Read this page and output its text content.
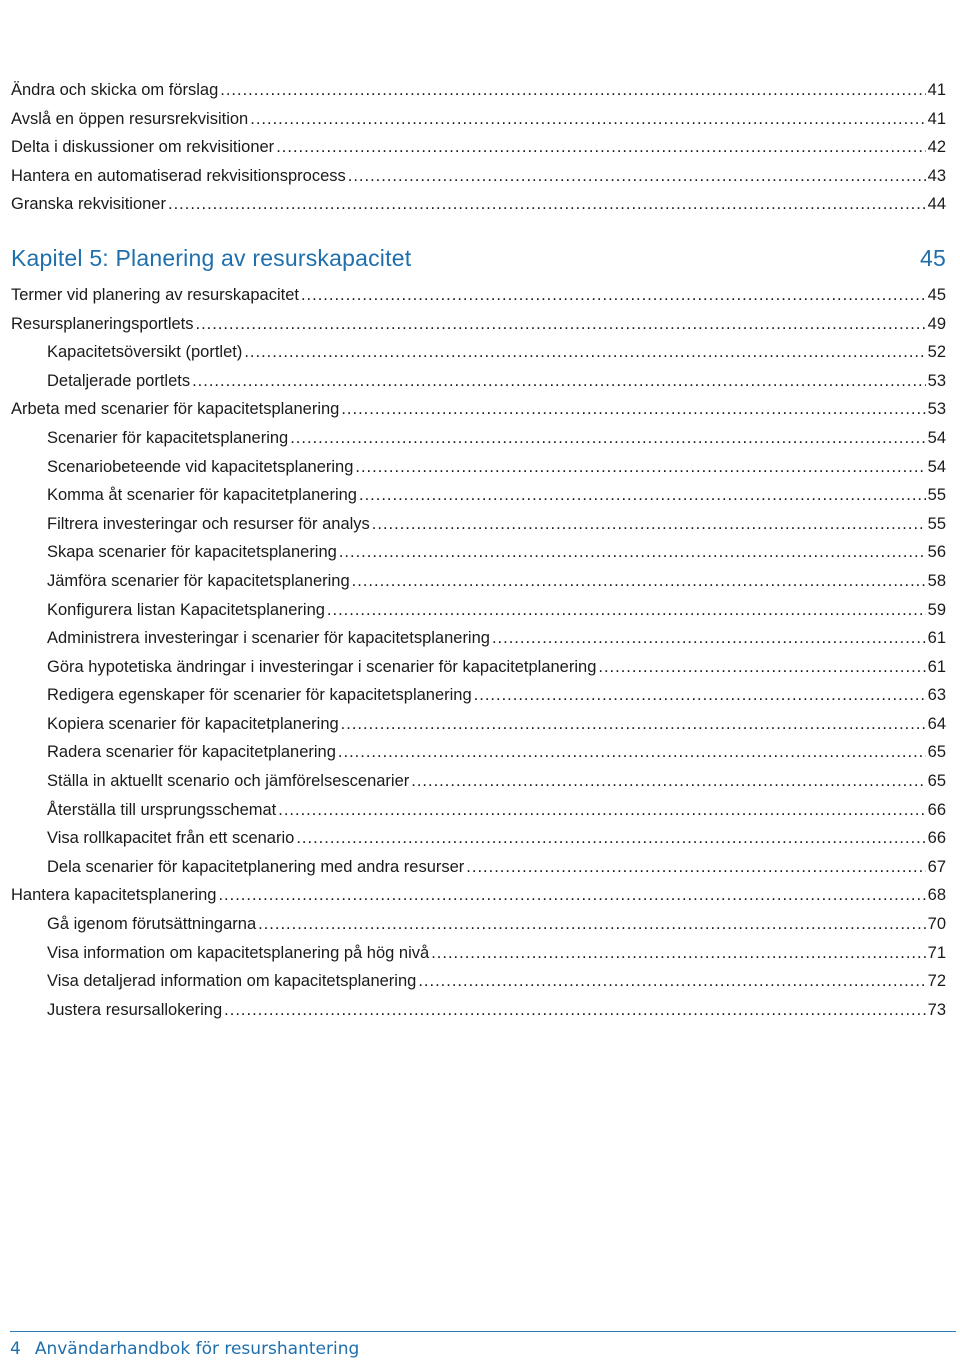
Ändra och skicka om förslag .....	41
Avslå en öppen resursrekvisition .....	41
Delta i diskussioner om rekvisitioner .....	42
Hantera en automatiserad rekvisitionsprocess .....	43
Granska rekvisitioner .....	44
Kapitel 5: Planering av resurskapacitet	45
Termer vid planering av resurskapacitet .....	45
Resursplaneringsportlets .....	49
Kapacitetsöversikt (portlet) .....	52
Detaljerade portlets .....	53
Arbeta med scenarier för kapacitetsplanering .....	53
Scenarier för kapacitetsplanering .....	54
Scenariobeteende vid kapacitetsplanering .....	54
Komma åt scenarier för kapacitetplanering .....	55
Filtrera investeringar och resurser för analys .....	55
Skapa scenarier för kapacitetsplanering .....	56
Jämföra scenarier för kapacitetsplanering .....	58
Konfigurera listan Kapacitetsplanering .....	59
Administrera investeringar i scenarier för kapacitetsplanering .....	61
Göra hypotetiska ändringar i investeringar i scenarier för kapacitetplanering .....	61
Redigera egenskaper för scenarier för kapacitetsplanering .....	63
Kopiera scenarier för kapacitetplanering .....	64
Radera scenarier för kapacitetplanering .....	65
Ställa in aktuellt scenario och jämförelsescenarier .....	65
Återställa till ursprungsschemat .....	66
Visa rollkapacitet från ett scenario .....	66
Dela scenarier för kapacitetplanering med andra resurser .....	67
Hantera kapacitetsplanering .....	68
Gå igenom förutsättningarna .....	70
Visa information om kapacitetsplanering på hög nivå .....	71
Visa detaljerad information om kapacitetsplanering .....	72
Justera resursallokering .....	73
4 Användarhandbok för resurshantering
